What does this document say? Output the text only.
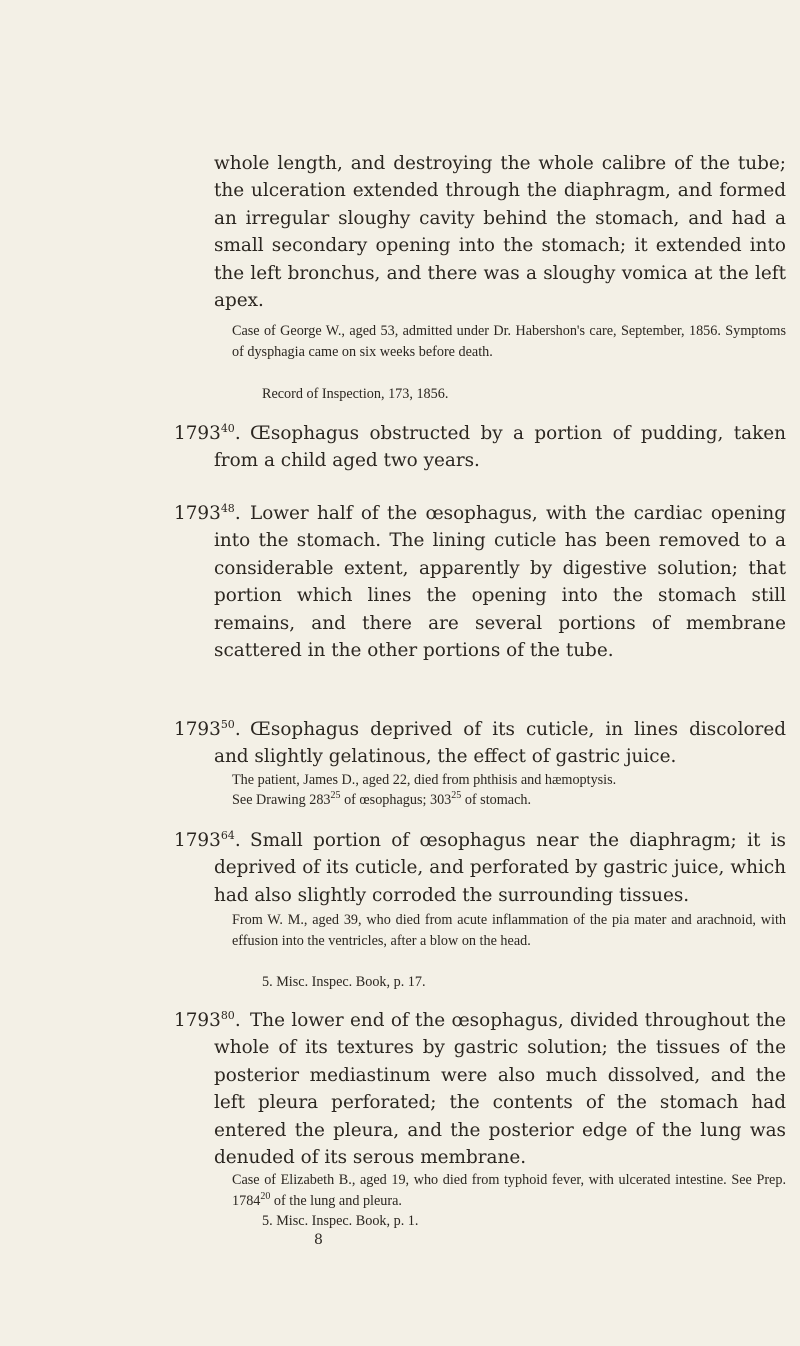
whole length, and destroying the whole calibre of the tube; the ulceration extended through the diaphragm, and formed an irregular sloughy cavity behind the stomach, and had a small secondary opening into the stomach; it extended into the left bronchus, and there was a sloughy vomica at the left apex.

Case of George W., aged 53, admitted under Dr. Habershon's care, September, 1856. Symptoms of dysphagia came on six weeks before death.

Record of Inspection, 173, 1856.

1793$^{40}$. Œsophagus obstructed by a portion of pudding, taken from a child aged two years.

1793$^{48}$. Lower half of the œsophagus, with the cardiac opening into the stomach. The lining cuticle has been removed to a considerable extent, apparently by digestive solution; that portion which lines the opening into the stomach still remains, and there are several portions of membrane scattered in the other portions of the tube.

1793$^{50}$. Œsophagus deprived of its cuticle, in lines discolored and slightly gelatinous, the effect of gastric juice.

The patient, James D., aged 22, died from phthisis and hæmoptysis.

See Drawing $283^{25}$ of œsophagus; $303^{25}$ of stomach.

1793$^{64}$. Small portion of œsophagus near the diaphragm; it is deprived of its cuticle, and perforated by gastric juice, which had also slightly corroded the surrounding tissues.

From W. M., aged 39, who died from acute inflammation of the pia mater and arachnoid, with effusion into the ventricles, after a blow on the head.

5. Misc. Inspec. Book, p. 17.

1793$^{80}$. The lower end of the œsophagus, divided throughout the whole of its textures by gastric solution; the tissues of the posterior mediastinum were also much dissolved, and the left pleura perforated; the contents of the stomach had entered the pleura, and the posterior edge of the lung was denuded of its serous membrane.

Case of Elizabeth B., aged 19, who died from typhoid fever, with ulcerated intestine. See Prep. 1784$^{20}$ of the lung and pleura.

5. Misc. Inspec. Book, p. 1.

8
